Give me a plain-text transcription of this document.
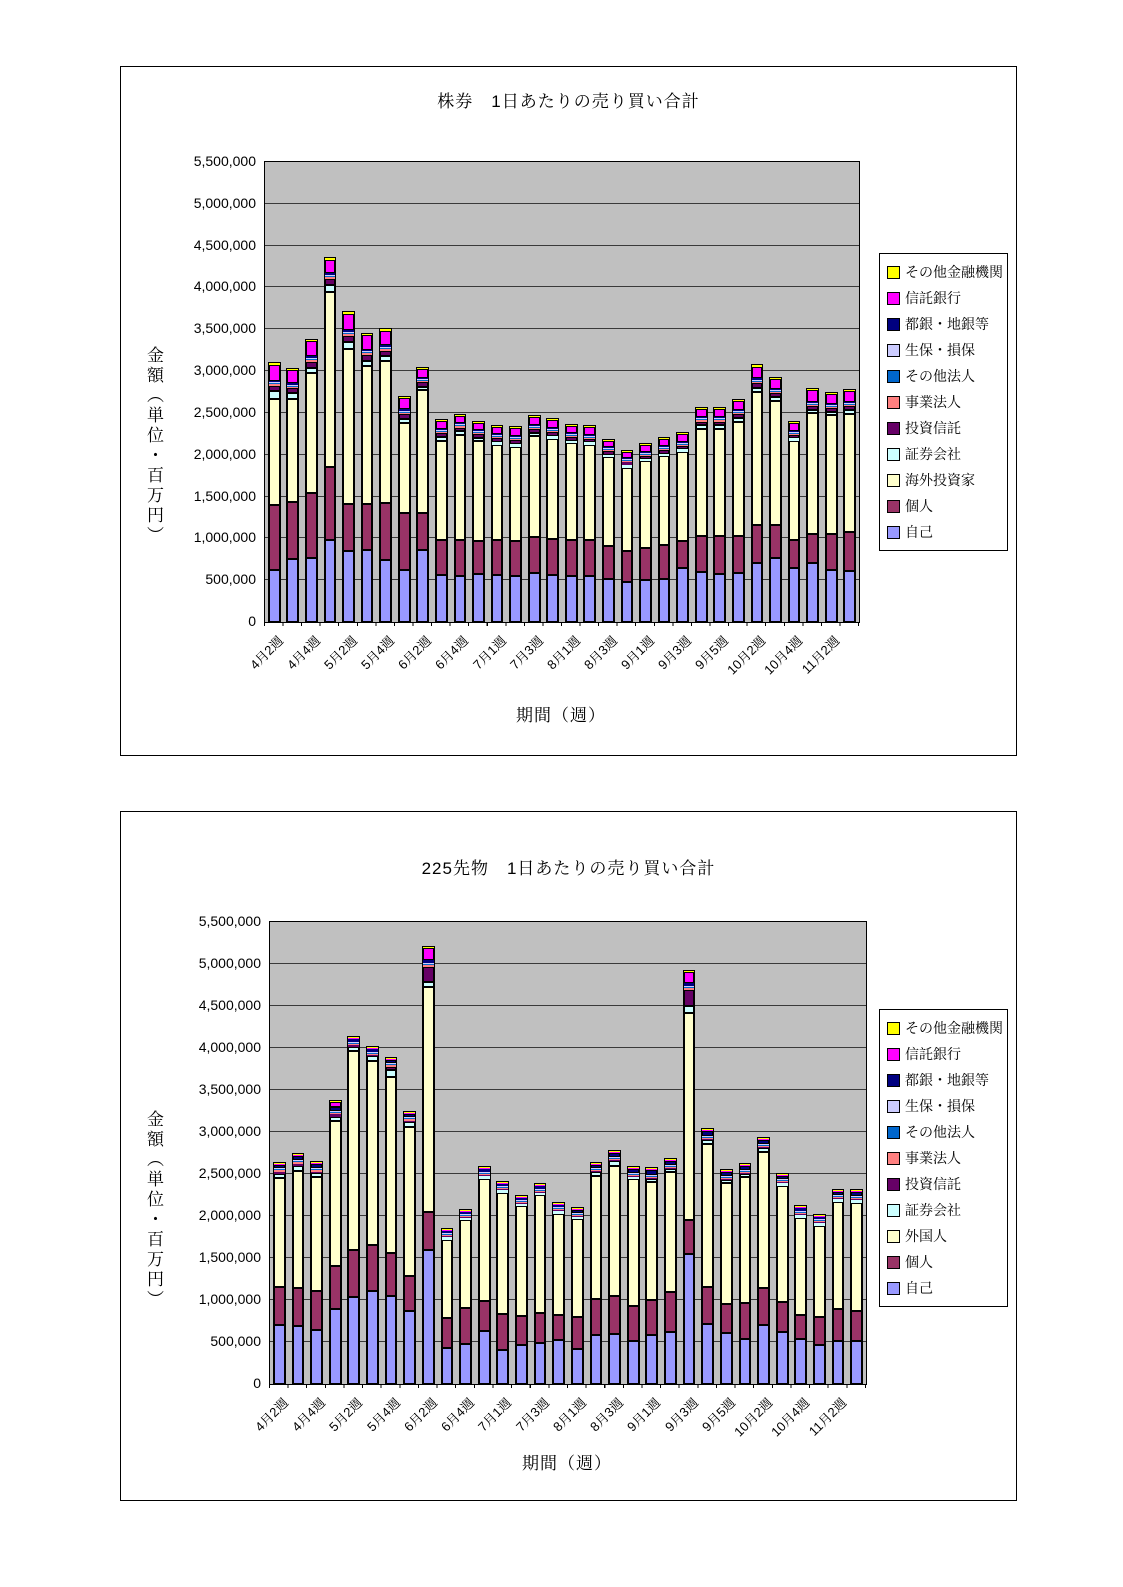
株券　1日あたりの売り買い合計
金額（単位・百万円）
期間（週）
その他金融機関
信託銀行
都銀・地銀等
生保・損保
その他法人
事業法人
投資信託
証券会社
海外投資家
個人
自己
0
500,000
1,000,000
1,500,000
2,000,000
2,500,000
3,000,000
3,500,000
4,000,000
4,500,000
5,000,000
5,500,000
4月2週
4月4週
5月2週
5月4週
6月2週
6月4週
7月1週
7月3週
8月1週
8月3週
9月1週
9月3週
9月5週
10月2週
10月4週
11月2週
225先物　1日あたりの売り買い合計
金額（単位・百万円）
期間（週）
その他金融機関
信託銀行
都銀・地銀等
生保・損保
その他法人
事業法人
投資信託
証券会社
外国人
個人
自己
0
500,000
1,000,000
1,500,000
2,000,000
2,500,000
3,000,000
3,500,000
4,000,000
4,500,000
5,000,000
5,500,000
4月2週
4月4週
5月2週
5月4週
6月2週
6月4週
7月1週
7月3週
8月1週
8月3週
9月1週
9月3週
9月5週
10月2週
10月4週
11月2週
